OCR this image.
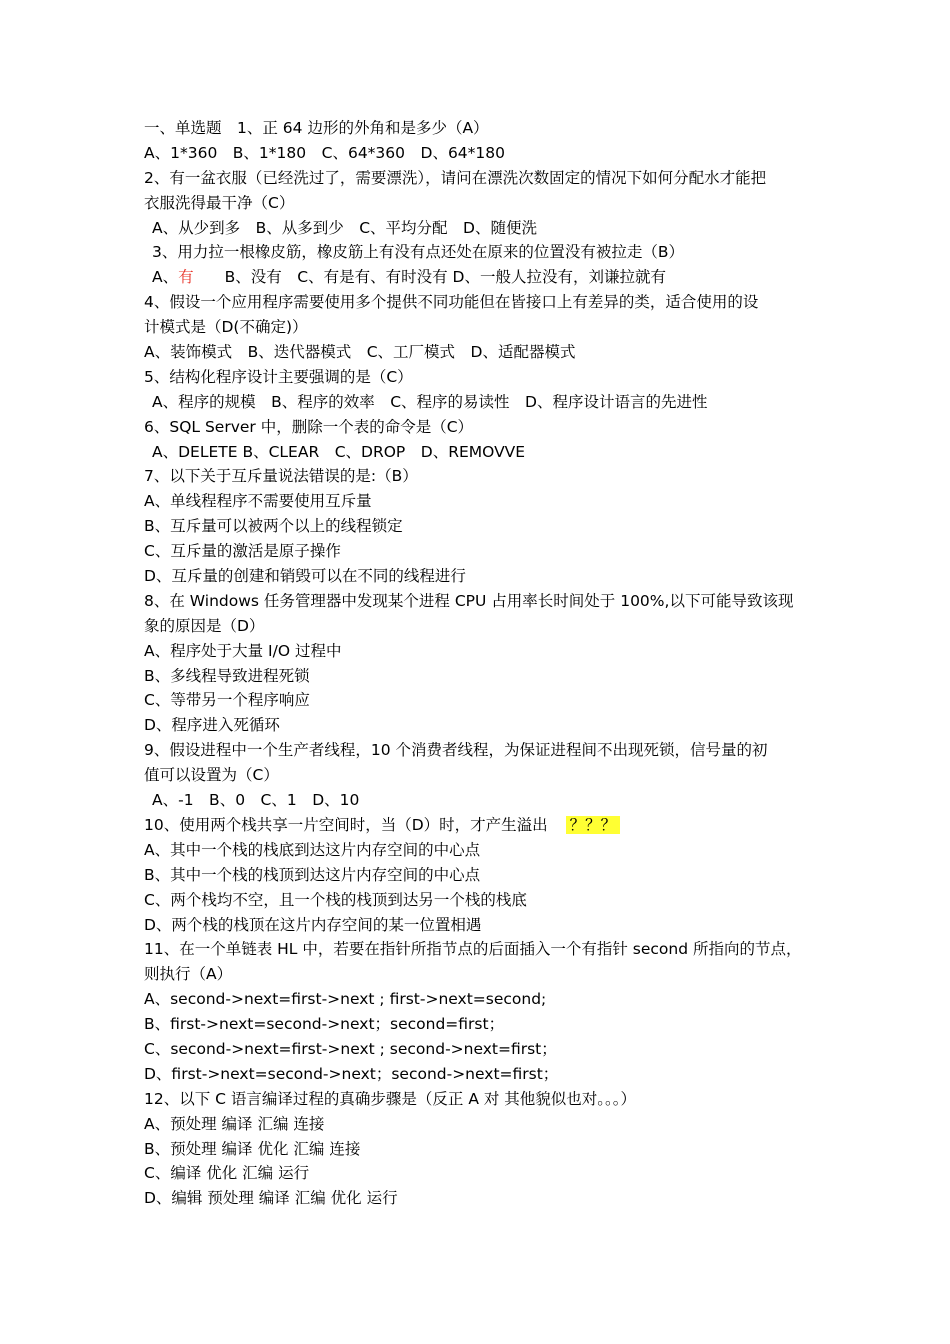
一、单选题　1、正 64 边形的外角和是多少（A）
A、1*360　B、1*180　C、64*360　D、64*180
2、有一盆衣服（已经洗过了，需要漂洗），请问在漂洗次数固定的情况下如何分配水才能把
衣服洗得最干净（C）
A、从少到多　B、从多到少　C、平均分配　D、随便洗
3、用力拉一根橡皮筋，橡皮筋上有没有点还处在原来的位置没有被拉走（B）
A、有　　B、没有　C、有是有、有时没有 D、一般人拉没有，刘谦拉就有
4、假设一个应用程序需要使用多个提供不同功能但在皆接口上有差异的类，适合使用的设
计模式是（D(不确定)）
A、装饰模式　B、迭代器模式　C、工厂模式　D、适配器模式
5、结构化程序设计主要强调的是（C）
A、程序的规模　B、程序的效率　C、程序的易读性　D、程序设计语言的先进性
6、SQL Server 中，删除一个表的命令是（C）
A、DELETE B、CLEAR　C、DROP　D、REMOVVE
7、以下关于互斥量说法错误的是:（B）
A、单线程程序不需要使用互斥量
B、互斥量可以被两个以上的线程锁定
C、互斥量的激活是原子操作
D、互斥量的创建和销毁可以在不同的线程进行
8、在 Windows 任务管理器中发现某个进程 CPU 占用率长时间处于 100%,以下可能导致该现
象的原因是（D）
A、程序处于大量 I/O 过程中
B、多线程导致进程死锁
C、等带另一个程序响应
D、程序进入死循环
9、假设进程中一个生产者线程，10 个消费者线程，为保证进程间不出现死锁，信号量的初
值可以设置为（C）
A、-1　B、0　C、1　D、10
10、使用两个栈共享一片空间时，当（D）时，才产生溢出 ？？？
A、其中一个栈的栈底到达这片内存空间的中心点
B、其中一个栈的栈顶到达这片内存空间的中心点
C、两个栈均不空，且一个栈的栈顶到达另一个栈的栈底
D、两个栈的栈顶在这片内存空间的某一位置相遇
11、在一个单链表 HL 中，若要在指针所指节点的后面插入一个有指针 second 所指向的节点，
则执行（A）
A、second->next=first->next ; first->next=second;
B、first->next=second->next；second=first；
C、second->next=first->next ; second->next=first；
D、first->next=second->next；second->next=first；
12、以下 C 语言编译过程的真确步骤是（反正 A 对 其他貌似也对。。。）
A、预处理 编译 汇编 连接
B、预处理 编译 优化 汇编 连接
C、编译 优化 汇编 运行
D、编辑 预处理 编译 汇编 优化 运行
